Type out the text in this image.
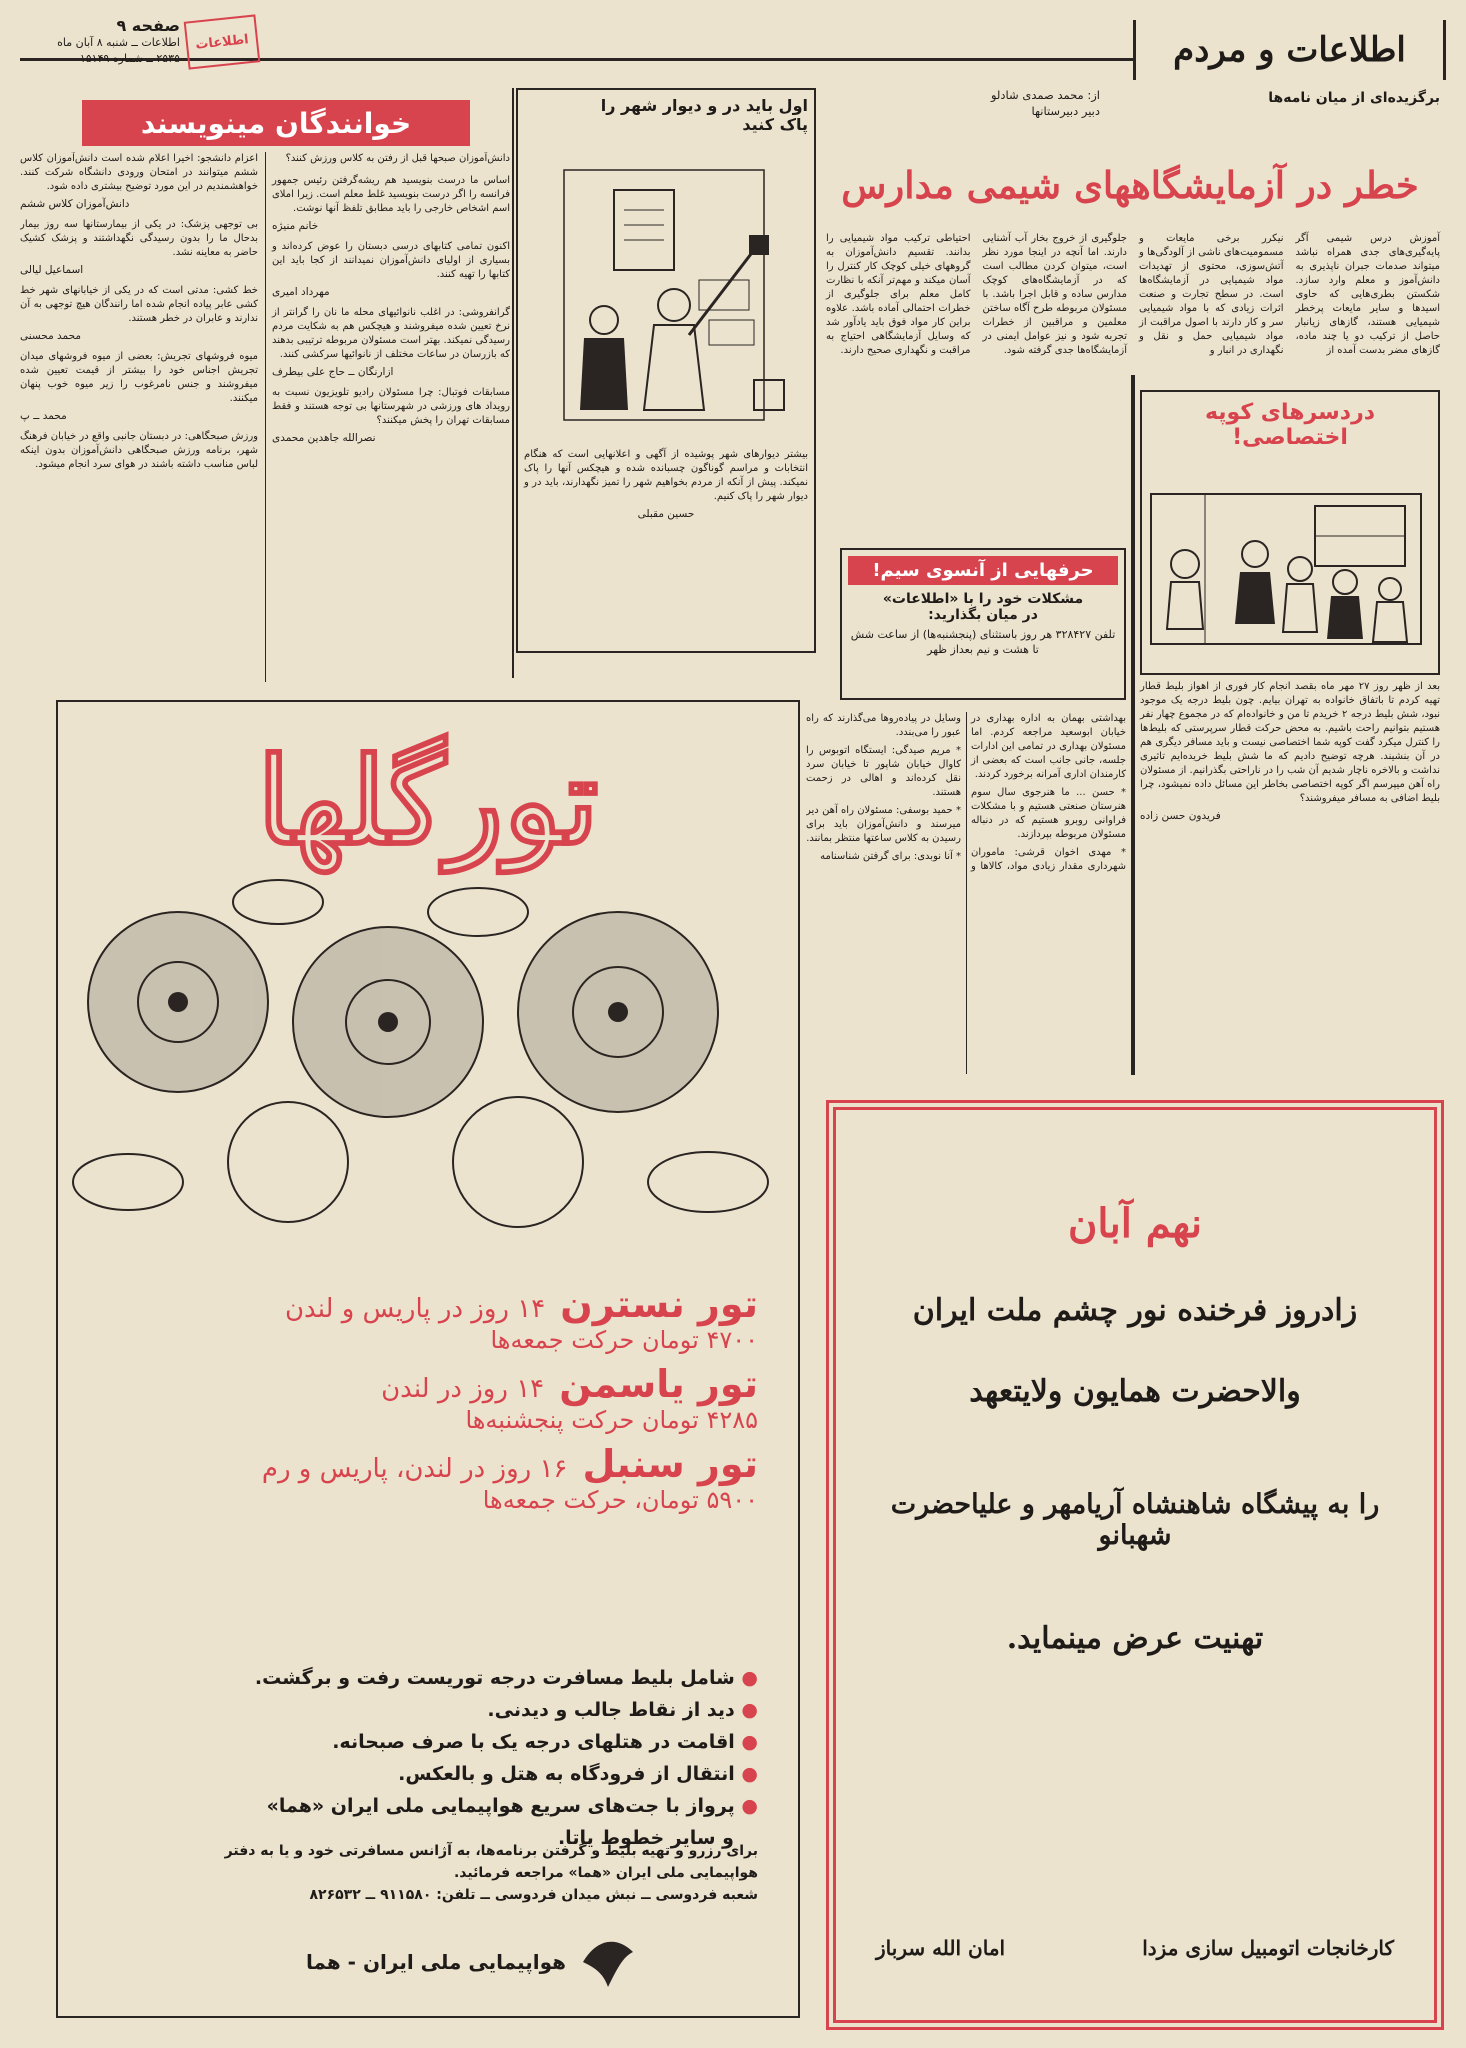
اطلاعات و مردم
برگزیده‌ای از میان نامه‌ها
صفحه ۹
اطلاعات ــ شنبه ۸ آبان ماه
۲۵۳۵ ــ شماره ۱۵۱۴۹
اطلاعات
از: محمد صمدی شادلو
دبیر دبیرستانها
خطر در آزمایشگاههای شیمی مدارس

آموزش درس شیمی آگر پایه‌گیری‌های جدی همراه نباشد میتواند صدمات جبران ناپذیری به دانش‌آموز و معلم وارد سازد. شکستن بطری‌هایی که حاوی اسیدها و سایر مایعات پرخطر شیمیایی هستند، گازهای زیانبار حاصل از ترکیب دو یا چند ماده، گازهای مضر بدست آمده از

نیکرر برخی مایعات و مسمومیت‌های ناشی از آلودگی‌ها و آتش‌سوزی، محتوی از تهدیدات مواد شیمیایی در آزمایشگاه‌ها است. در سطح تجارت و صنعت اثرات زیادی که با مواد شیمیایی سر و کار دارند با اصول مراقبت از مواد شیمیایی حمل و نقل و نگهداری در انبار و

جلوگیری از خروج بخار آب آشنایی دارند. اما آنچه در اینجا مورد نظر است، میتوان کردن مطالب است که در آزمایشگاه‌های کوچک مدارس ساده و قابل اجرا باشد. با مسئولان مربوطه طرح آگاه ساختن معلمین و مراقبین از خطرات تجربه شود و نیز عوامل ایمنی در آزمایشگاه‌ها جدی گرفته شود.

احتیاطی ترکیب مواد شیمیایی را بدانند. تقسیم دانش‌آموزان به گروههای خیلی کوچک کار کنترل را آسان میکند و مهم‌تر آنکه با نظارت کامل معلم برای جلوگیری از خطرات احتمالی آماده باشد. علاوه براین کار مواد فوق باید یادآور شد که وسایل آزمایشگاهی احتیاج به مراقبت و نگهداری صحیح دارند.

دردسرهای کوپه
اختصاصی!

بعد از ظهر روز ۲۷ مهر ماه بقصد انجام کار فوری از اهواز بلیط قطار تهیه کردم تا باتفاق خانواده به تهران بیایم. چون بلیط درجه یک موجود نبود، شش بلیط درجه ۲ خریدم تا من و خانواده‌ام که در مجموع چهار نفر هستیم بتوانیم راحت باشیم. به محض حرکت قطار سرپرستی که بلیط‌ها را کنترل میکرد گفت کوپه شما اختصاصی نیست و باید مسافر دیگری هم در آن بنشیند. هرچه توضیح دادیم که ما شش بلیط خریده‌ایم تاثیری نداشت و بالاخره ناچار شدیم آن شب را در ناراحتی بگذرانیم. از مسئولان راه آهن میپرسم اگر کوپه اختصاصی بخاطر این مسائل داده نمیشود، چرا بلیط اضافی به مسافر میفروشند؟

فریدون حسن زاده

حرفهایی از آنسوی سیم!
مشکلات خود را با «اطلاعات»
در میان بگذارید:
تلفن ۳۲۸۴۲۷ هر روز باستثنای (پنجشنبه‌ها) از ساعت شش تا هشت و نیم بعداز ظهر

بهداشتی بهمان به اداره بهداری در خیابان ابوسعید مراجعه کردم. اما مسئولان بهداری در تمامی این ادارات جلسه، جانی جانب است که بعضی از کارمندان اداری آمرانه برخورد کردند.

* حسن ... ما هنرجوی سال سوم هنرستان صنعتی هستیم و با مشکلات فراوانی روبرو هستیم که در دنباله مسئولان مربوطه بپردازند.

* مهدی اخوان قرشی: ماموران شهرداری مقدار زیادی مواد، کالاها و وسایل در پیاده‌روها می‌گذارند که راه عبور را می‌بندد.

* مریم صیدگی: ایستگاه اتوبوس را کاوال خیابان شاپور تا خیابان سرد نقل کرده‌اند و اهالی در زحمت هستند.

* حمید بوسفی: مسئولان راه آهن دیر میرسند و دانش‌آموزان باید برای رسیدن به کلاس ساعتها منتظر بمانند.

* آنا نوبدی: برای گرفتن شناسنامه

اول باید در و دیوار شهر را
پاک کنید

بیشتر دیوارهای شهر پوشیده از آگهی و اعلانهایی است که هنگام انتخابات و مراسم گوناگون چسبانده شده و هیچکس آنها را پاک نمیکند. پیش از آنکه از مردم بخواهیم شهر را تمیز نگهدارند، باید در و دیوار شهر را پاک کنیم.

حسین مقبلی

خوانندگان مینویسند

دانش‌آموزان صبحها قبل از رفتن به کلاس ورزش کنند؟

اساس ما درست بنویسید هم ریشه‌گرفتن رئیس جمهور فرانسه را اگر درست بنویسید غلط معلم است. زیرا املای اسم اشخاص خارجی را باید مطابق تلفظ آنها نوشت.

خانم منیژه

اکنون تمامی کتابهای درسی دبستان را عوض کرده‌اند و بسیاری از اولیای دانش‌آموزان نمیدانند از کجا باید این کتابها را تهیه کنند.

مهرداد امیری

گرانفروشی: در اغلب نانوائیهای محله ما نان را گرانتر از نرخ تعیین شده میفروشند و هیچکس هم به شکایت مردم رسیدگی نمیکند. بهتر است مسئولان مربوطه ترتیبی بدهند که بازرسان در ساعات مختلف از نانوائیها سرکشی کنند.

ازارنگان ــ حاج علی بیطرف

مسابقات فوتبال: چرا مسئولان رادیو تلویزیون نسبت به رویداد های ورزشی در شهرستانها بی توجه هستند و فقط مسابقات تهران را پخش میکنند؟

نصرالله جاهدین محمدی

اعزام دانشجو: اخیرا اعلام شده است دانش‌آموزان کلاس ششم میتوانند در امتحان ورودی دانشگاه شرکت کنند. خواهشمندیم در این مورد توضیح بیشتری داده شود.

دانش‌آموزان کلاس ششم

بی توجهی پزشک: در یکی از بیمارستانها سه روز بیمار بدحال ما را بدون رسیدگی نگهداشتند و پزشک کشیک حاضر به معاینه نشد.

اسماعیل لیالی

خط کشی: مدتی است که در یکی از خیابانهای شهر خط کشی عابر پیاده انجام شده اما رانندگان هیچ توجهی به آن ندارند و عابران در خطر هستند.

محمد محسنی

میوه فروشهای تجریش: بعضی از میوه فروشهای میدان تجریش اجناس خود را بیشتر از قیمت تعیین شده میفروشند و جنس نامرغوب را زیر میوه خوب پنهان میکنند.

محمد ــ پ

ورزش صبحگاهی: در دبستان جانبی واقع در خیابان فرهنگ شهر، برنامه ورزش صبحگاهی دانش‌آموزان بدون اینکه لباس مناسب داشته باشند در هوای سرد انجام میشود.

تورگلها
تور نسترن ۱۴ روز در پاریس و لندن
۴۷۰۰ تومان حرکت جمعه‌ها
تور یاسمن ۱۴ روز در لندن
۴۲۸۵ تومان حرکت پنجشنبه‌ها
تور سنبل ۱۶ روز در لندن، پاریس و رم
۵۹۰۰ تومان، حرکت جمعه‌ها
● شامل بلیط مسافرت درجه توریست رفت و برگشت.
● دید از نقاط جالب و دیدنی.
● اقامت در هتلهای درجه یک با صرف صبحانه.
● انتقال از فرودگاه به هتل و بالعکس.
● پرواز با جت‌های سریع هواپیمایی ملی ایران «هما»
و سایر خطوط یاتا.
برای رزرو و تهیه بلیط و گرفتن برنامه‌ها، به آژانس مسافرتی خود و یا به دفتر
هواپیمایی ملی ایران «هما» مراجعه فرمائید.
شعبه فردوسی ــ نبش میدان فردوسی ــ تلفن: ۹۱۱۵۸۰ ــ ۸۲۶۵۳۲
هواپیمایی ملی ایران - هما
نهم آبان
زادروز فرخنده نور چشم ملت ایران
والاحضرت همایون ولایتعهد
را به پیشگاه شاهنشاه آریامهر و علیاحضرت شهبانو
تهنیت عرض مینماید.
کارخانجات اتومبیل سازی مزدا
امان الله سرباز
